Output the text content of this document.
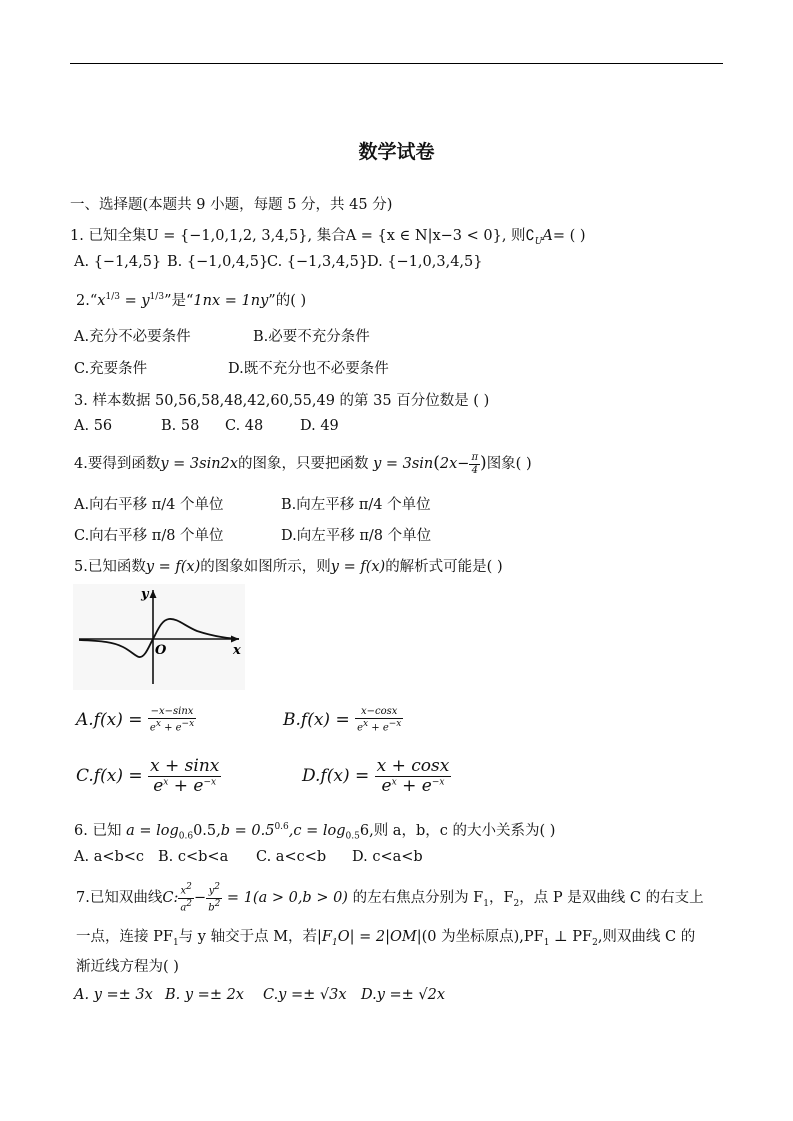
数学试卷
一、选择题(本题共 9 小题，每题 5 分，共 45 分)
1. 已知全集U = {−1,0,1,2, 3,4,5}, 集合A = {x ∈ N|x−3 < 0}, 则$∁_UA=$ ( )
A. {−1,4,5} B. {−1,0,4,5}
C. {−1,3,4,5}
D. {−1,0,3,4,5}
$2.“x^{1/3} = y^{1/3}$”是“1nx = 1ny”的( )
A.充分不必要条件	B.必要不充分条件
C.充要条件	D.既不充分也不必要条件
3. 样本数据 50,56,58,48,42,60,55,49 的第 35 百分位数是 ( )
A. 56	B. 58 C. 48	D. 49
4.要得到函数y = 3sin2x的图象，只要把函数 $y = 3\sin(2x- \frac{\pi}{4}$ )图象( )
A.向右平移 π/4 个单位	B.向左平移 π/4 个单位
C.向右平移 π/8 个单位	D.向左平移 π/8 个单位
5.已知函数y = f(x)的图象如图所示，则y = f(x)的解析式可能是( )
y
O	x
$A.f(x) = \frac{-x-\sin x}{e^x + e^{-x}}$	$B.f(x) = \frac{x-\cos x}{e^x + e^{-x}}$
$C.f(x) = \frac{x + \sin x}{e^x + e^{-x}}$	$D.f(x) = \frac{x + \cos x}{e^x + e^{-x}}$
6. 已知 $a = \log_{0.6}0.5,b = 0.5^{0.6},c = \log_{0.5}6$,则 a，b，c 的大小关系为( )
A. a<b<c B. c<b<a C. a<c<b D. c<a<b
7.已知双曲线C: $\frac{x^2}{a^2} - \frac{y^2}{b^2} = 1(a > 0,b > 0)$ 的左右焦点分别为 $F_1$，$F_2$，点 P 是双曲线 C 的右支上
一点，连接 $PF_1$与 y 轴交于点 M，若$|F_1O| = 2|OM|(0$ 为坐标原点)$,PF_1$ ⊥ $PF_2$,则双曲线 C 的
渐近线方程为( )
A. y =± 3x B. y =± 2x C.y =± √3x D.y =± √2x
